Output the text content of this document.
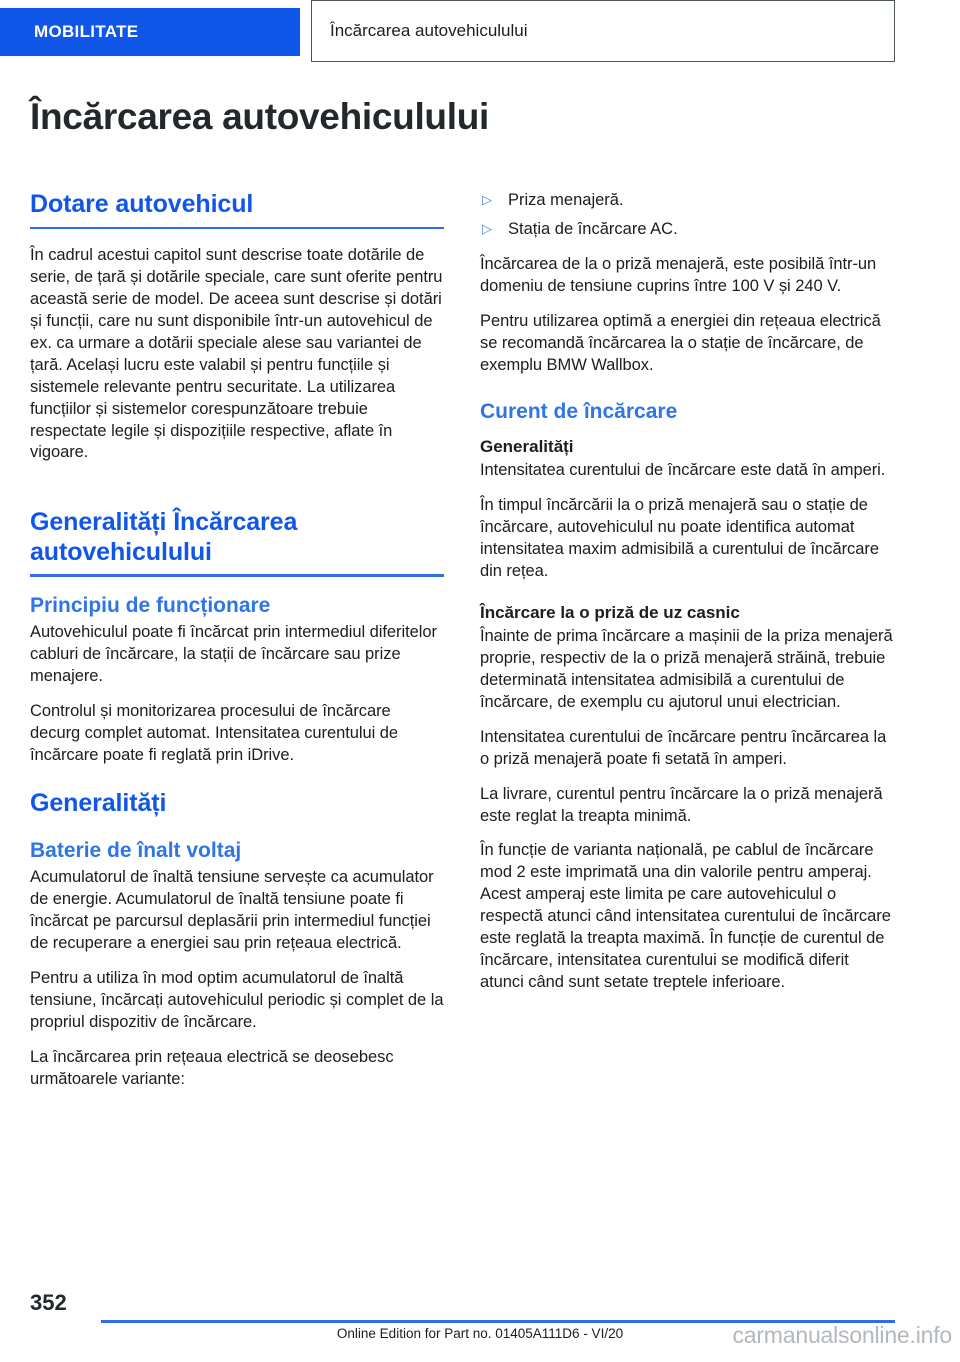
MOBILITATE	Încărcarea autovehiculului
Încărcarea autovehiculului
Dotare autovehicul

În cadrul acestui capitol sunt descrise toate dotările de serie, de țară și dotările speciale, care sunt oferite pentru această serie de model. De aceea sunt descrise și dotări și funcții, care nu sunt disponibile într-un autovehicul de ex. ca urmare a dotării speciale alese sau variantei de țară. Același lucru este valabil și pentru funcțiile și sistemele relevante pentru securitate. La utilizarea funcțiilor și sistemelor corespunzătoare trebuie respectate legile și dispozițiile respective, aflate în vigoare.

Generalități Încărcarea autovehiculului
Principiu de funcționare

Autovehiculul poate fi încărcat prin intermediul diferitelor cabluri de încărcare, la stații de încărcare sau prize menajere.

Controlul și monitorizarea procesului de încărcare decurg complet automat. Intensitatea curentului de încărcare poate fi reglată prin iDrive.

Generalități
Baterie de înalt voltaj

Acumulatorul de înaltă tensiune servește ca acumulator de energie. Acumulatorul de înaltă tensiune poate fi încărcat pe parcursul deplasării prin intermediul funcției de recuperare a energiei sau prin rețeaua electrică.

Pentru a utiliza în mod optim acumulatorul de înaltă tensiune, încărcați autovehiculul periodic și complet de la propriul dispozitiv de încărcare.

La încărcarea prin rețeaua electrică se deosebesc următoarele variante:

▷ Priza menajeră.
▷ Stația de încărcare AC.

Încărcarea de la o priză menajeră, este posibilă într-un domeniu de tensiune cuprins între 100 V și 240 V.

Pentru utilizarea optimă a energiei din rețeaua electrică se recomandă încărcarea la o stație de încărcare, de exemplu BMW Wallbox.

Curent de încărcare
Generalități

Intensitatea curentului de încărcare este dată în amperi.

În timpul încărcării la o priză menajeră sau o stație de încărcare, autovehiculul nu poate identifica automat intensitatea maxim admisibilă a curentului de încărcare din rețea.

Încărcare la o priză de uz casnic

Înainte de prima încărcare a mașinii de la priza menajeră proprie, respectiv de la o priză menajeră străină, trebuie determinată intensitatea admisibilă a curentului de încărcare, de exemplu cu ajutorul unui electrician.

Intensitatea curentului de încărcare pentru încărcarea la o priză menajeră poate fi setată în amperi.

La livrare, curentul pentru încărcare la o priză menajeră este reglat la treapta minimă.

În funcție de varianta națională, pe cablul de încărcare mod 2 este imprimată una din valorile pentru amperaj. Acest amperaj este limita pe care autovehiculul o respectă atunci când intensitatea curentului de încărcare este reglată la treapta maximă. În funcție de curentul de încărcare, intensitatea curentului se modifică diferit atunci când sunt setate treptele inferioare.

352
Online Edition for Part no. 01405A111D6 - VI/20	carmanualsonline.info
